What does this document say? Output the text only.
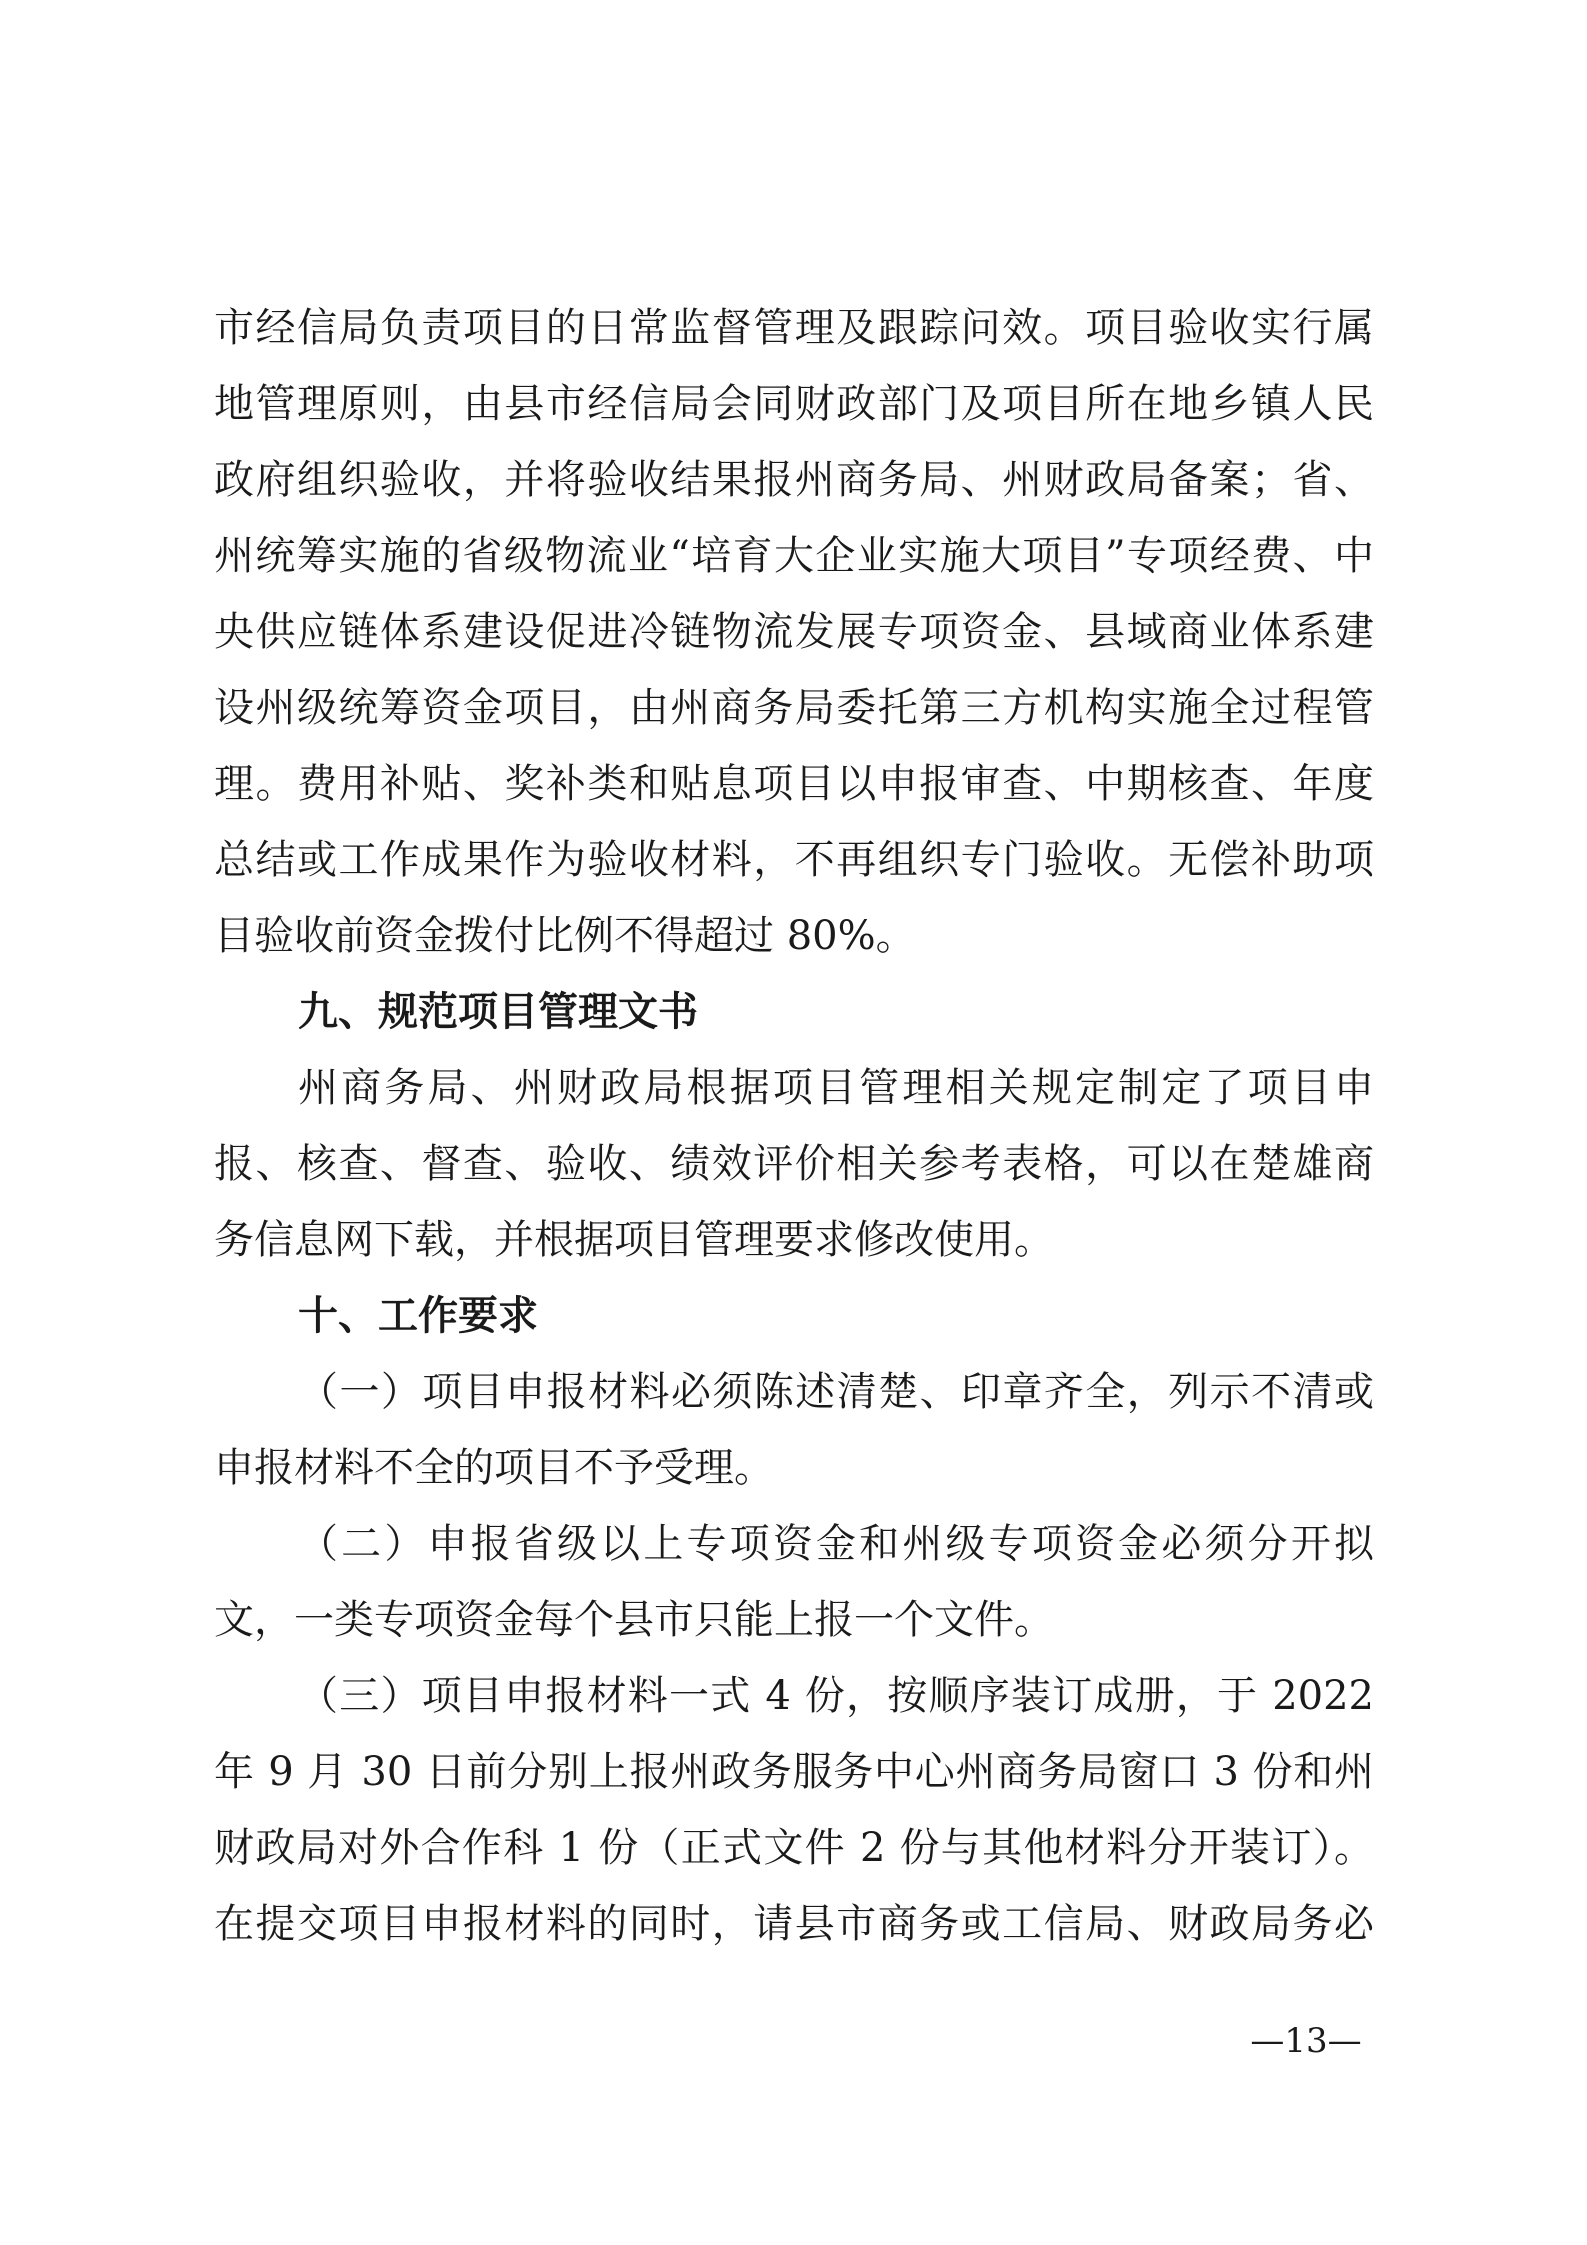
市经信局负责项目的日常监督管理及跟踪问效。项目验收实行属
地管理原则，由县市经信局会同财政部门及项目所在地乡镇人民
政府组织验收，并将验收结果报州商务局、州财政局备案；省、
州统筹实施的省级物流业“培育大企业实施大项目”专项经费、中
央供应链体系建设促进冷链物流发展专项资金、县域商业体系建
设州级统筹资金项目，由州商务局委托第三方机构实施全过程管
理。费用补贴、奖补类和贴息项目以申报审查、中期核查、年度
总结或工作成果作为验收材料，不再组织专门验收。无偿补助项
目验收前资金拨付比例不得超过 80%。
九、规范项目管理文书
州商务局、州财政局根据项目管理相关规定制定了项目申
报、核查、督查、验收、绩效评价相关参考表格，可以在楚雄商
务信息网下载，并根据项目管理要求修改使用。
十、工作要求
（一）项目申报材料必须陈述清楚、印章齐全，列示不清或
申报材料不全的项目不予受理。
（二）申报省级以上专项资金和州级专项资金必须分开拟
文，一类专项资金每个县市只能上报一个文件。
（三）项目申报材料一式 4 份，按顺序装订成册，于 2022
年 9 月 30 日前分别上报州政务服务中心州商务局窗口 3 份和州
财政局对外合作科 1 份（正式文件 2 份与其他材料分开装订）。
在提交项目申报材料的同时，请县市商务或工信局、财政局务必
—13—
